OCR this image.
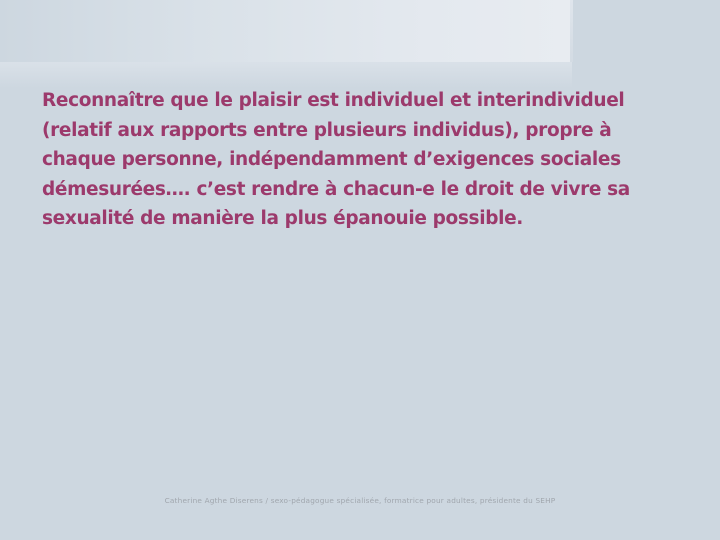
Reconnaître que le plaisir est individuel et interindividuel (relatif aux rapports entre plusieurs individus), propre à chaque personne, indépendamment d’exigences sociales démesurées…. c’est rendre à chacun-e le droit de vivre sa sexualité de manière la plus épanouie possible.

Catherine Agthe Diserens / sexo-pédagogue spécialisée, formatrice pour adultes, présidente du SEHP
